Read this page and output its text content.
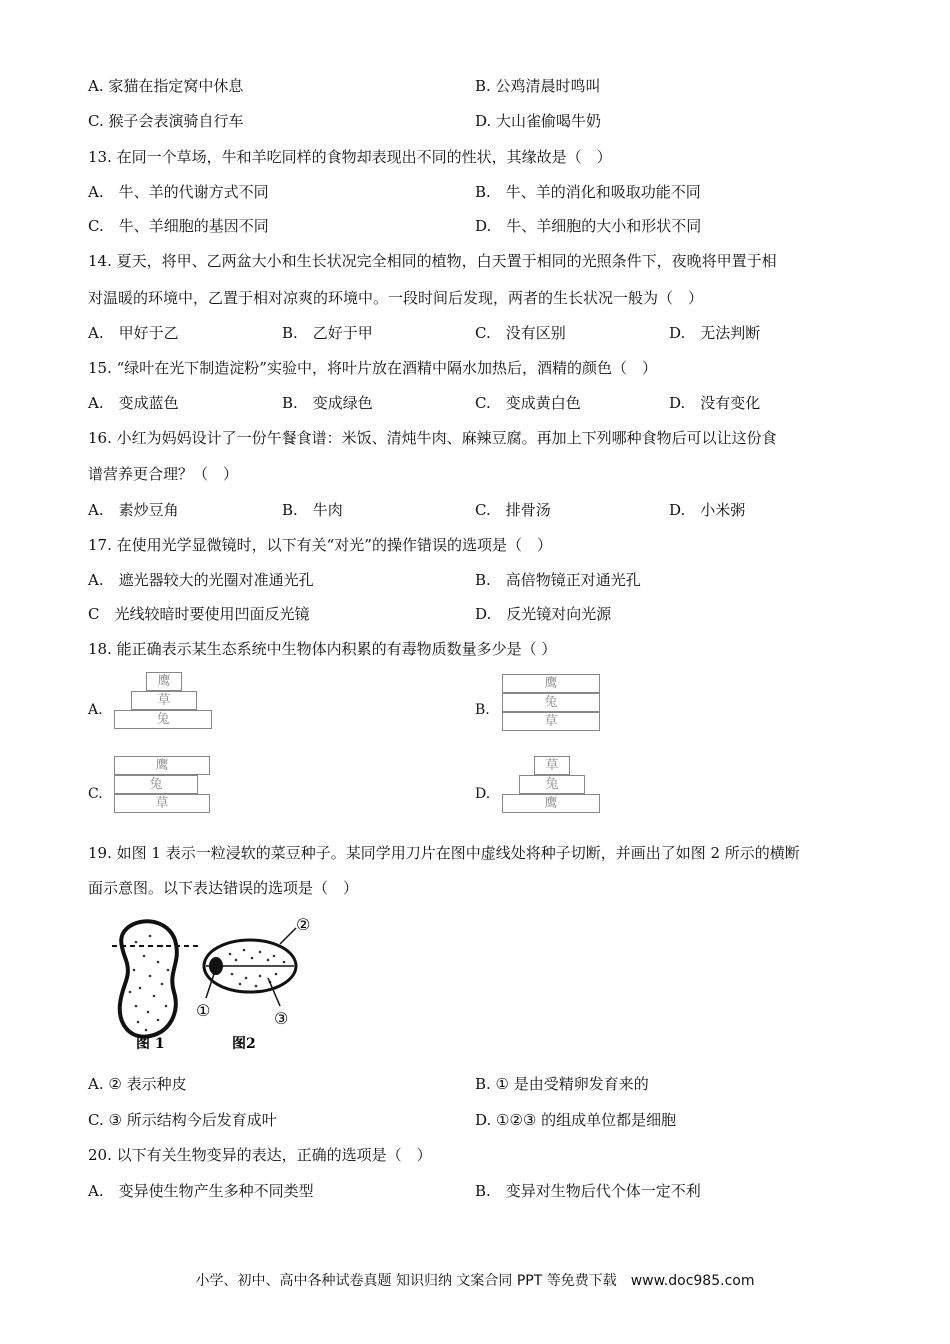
A. 家猫在指定窝中休息	B. 公鸡清晨时鸣叫
C. 猴子会表演骑自行车	D. 大山雀偷喝牛奶
13. 在同一个草场，牛和羊吃同样的食物却表现出不同的性状，其缘故是（　）
A.　牛、羊的代谢方式不同	B.　牛、羊的消化和吸取功能不同
C.　牛、羊细胞的基因不同	D.　牛、羊细胞的大小和形状不同
14. 夏天，将甲、乙两盆大小和生长状况完全相同的植物，白天置于相同的光照条件下，夜晚将甲置于相
对温暖的环境中，乙置于相对凉爽的环境中。一段时间后发现，两者的生长状况一般为（　）
A.　甲好于乙	B.　乙好于甲	C.　没有区别	D.　无法判断
15. “绿叶在光下制造淀粉”实验中，将叶片放在酒精中隔水加热后，酒精的颜色（　）
A.　变成蓝色	B.　变成绿色	C.　变成黄白色	D.　没有变化
16. 小红为妈妈设计了一份午餐食谱：米饭、清炖牛肉、麻辣豆腐。再加上下列哪种食物后可以让这份食
谱营养更合理？（　）
A.　素炒豆角	B.　牛肉	C.　排骨汤	D.　小米粥
17. 在使用光学显微镜时，以下有关“对光”的操作错误的选项是（　）
A.　遮光器较大的光圈对准通光孔	B.　高倍物镜正对通光孔
C　光线较暗时要使用凹面反光镜	D.　反光镜对向光源
18. 能正确表示某生态系统中生物体内积累的有毒物质数量多少是（ ）
A.
鹰
草
兔
B.
鹰
兔
草
C.
鹰
兔
草
D.
草
兔
鹰
19. 如图 1 表示一粒浸软的菜豆种子。某同学用刀片在图中虚线处将种子切断，并画出了如图 2 所示的横断
面示意图。以下表达错误的选项是（　）
②
①	③
图 1	图2
A. ② 表示种皮	B. ① 是由受精卵发育来的
C. ③ 所示结构今后发育成叶	D. ①②③ 的组成单位都是细胞
20. 以下有关生物变异的表达，正确的选项是（　）
A.　变异使生物产生多种不同类型	B.　变异对生物后代个体一定不利
小学、初中、高中各种试卷真题 知识归纳 文案合同 PPT 等免费下载　www.doc985.com
